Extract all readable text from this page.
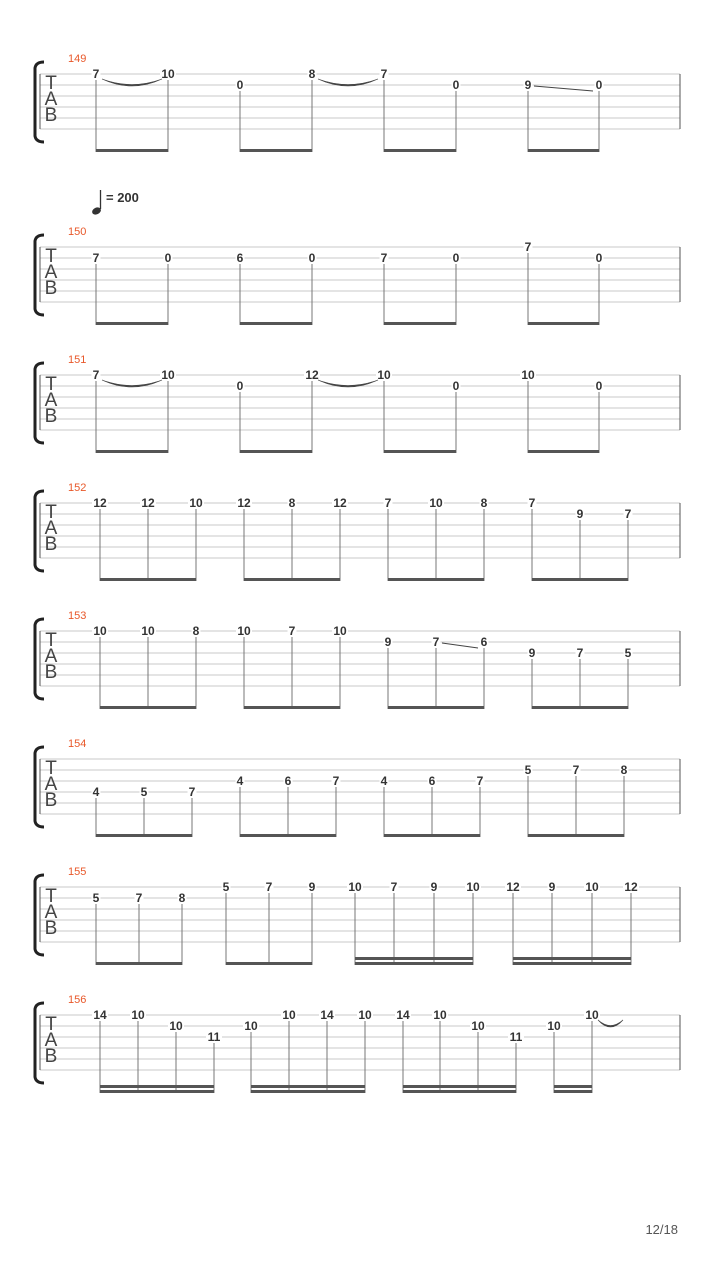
= 200
149
T
A
B
7	10
0
8	7
0	9	0
150
T
A
B
7	0	6	0	7	0
7
0
151
T
A
B
7	10
0
12	10
0
10
0
152
T
A
B
12	12	10	12	8	12	7	10	8	7
9	7
153
T
A
B
10	10	8	10	7	10
9	7	6
9	7	5
154
T
A
B	4	5	7
4	6	7	4	6	7
5	7	8
155
T
A
B
5	7	8
5	7	9	10 7	9 10 12 9 10 12
156
T
A
B
14 10
10
11
10
10 14 10 14 10
10
11
10
10
12/18
